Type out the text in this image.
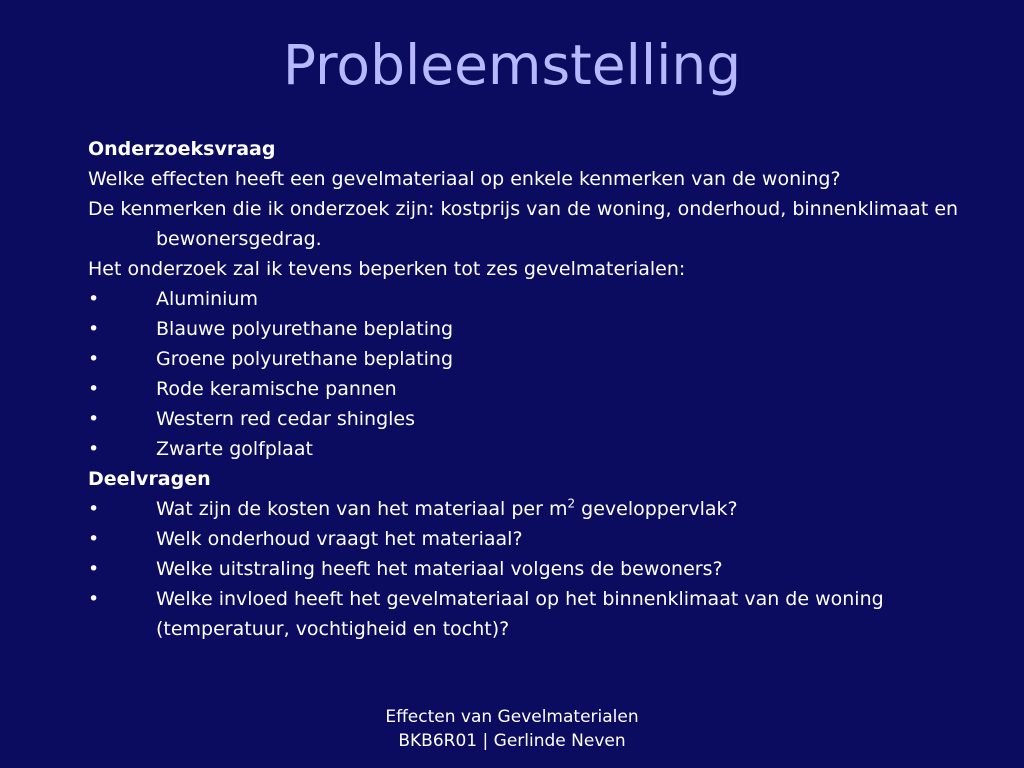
Probleemstelling
Onderzoeksvraag
Welke effecten heeft een gevelmateriaal op enkele kenmerken van de woning?
De kenmerken die ik onderzoek zijn: kostprijs van de woning, onderhoud, binnenklimaat en bewonersgedrag.
Het onderzoek zal ik tevens beperken tot zes gevelmaterialen:
•	Aluminium
•	Blauwe polyurethane beplating
•	Groene polyurethane beplating
•	Rode keramische pannen
•	Western red cedar shingles
•	Zwarte golfplaat
Deelvragen
•	Wat zijn de kosten van het materiaal per $m^2$ geveloppervlak?
•	Welk onderhoud vraagt het materiaal?
•	Welke uitstraling heeft het materiaal volgens de bewoners?
•	Welke invloed heeft het gevelmateriaal op het binnenklimaat van de woning (temperatuur, vochtigheid en tocht)?
Effecten van Gevelmaterialen
BKB6R01 | Gerlinde Neven
